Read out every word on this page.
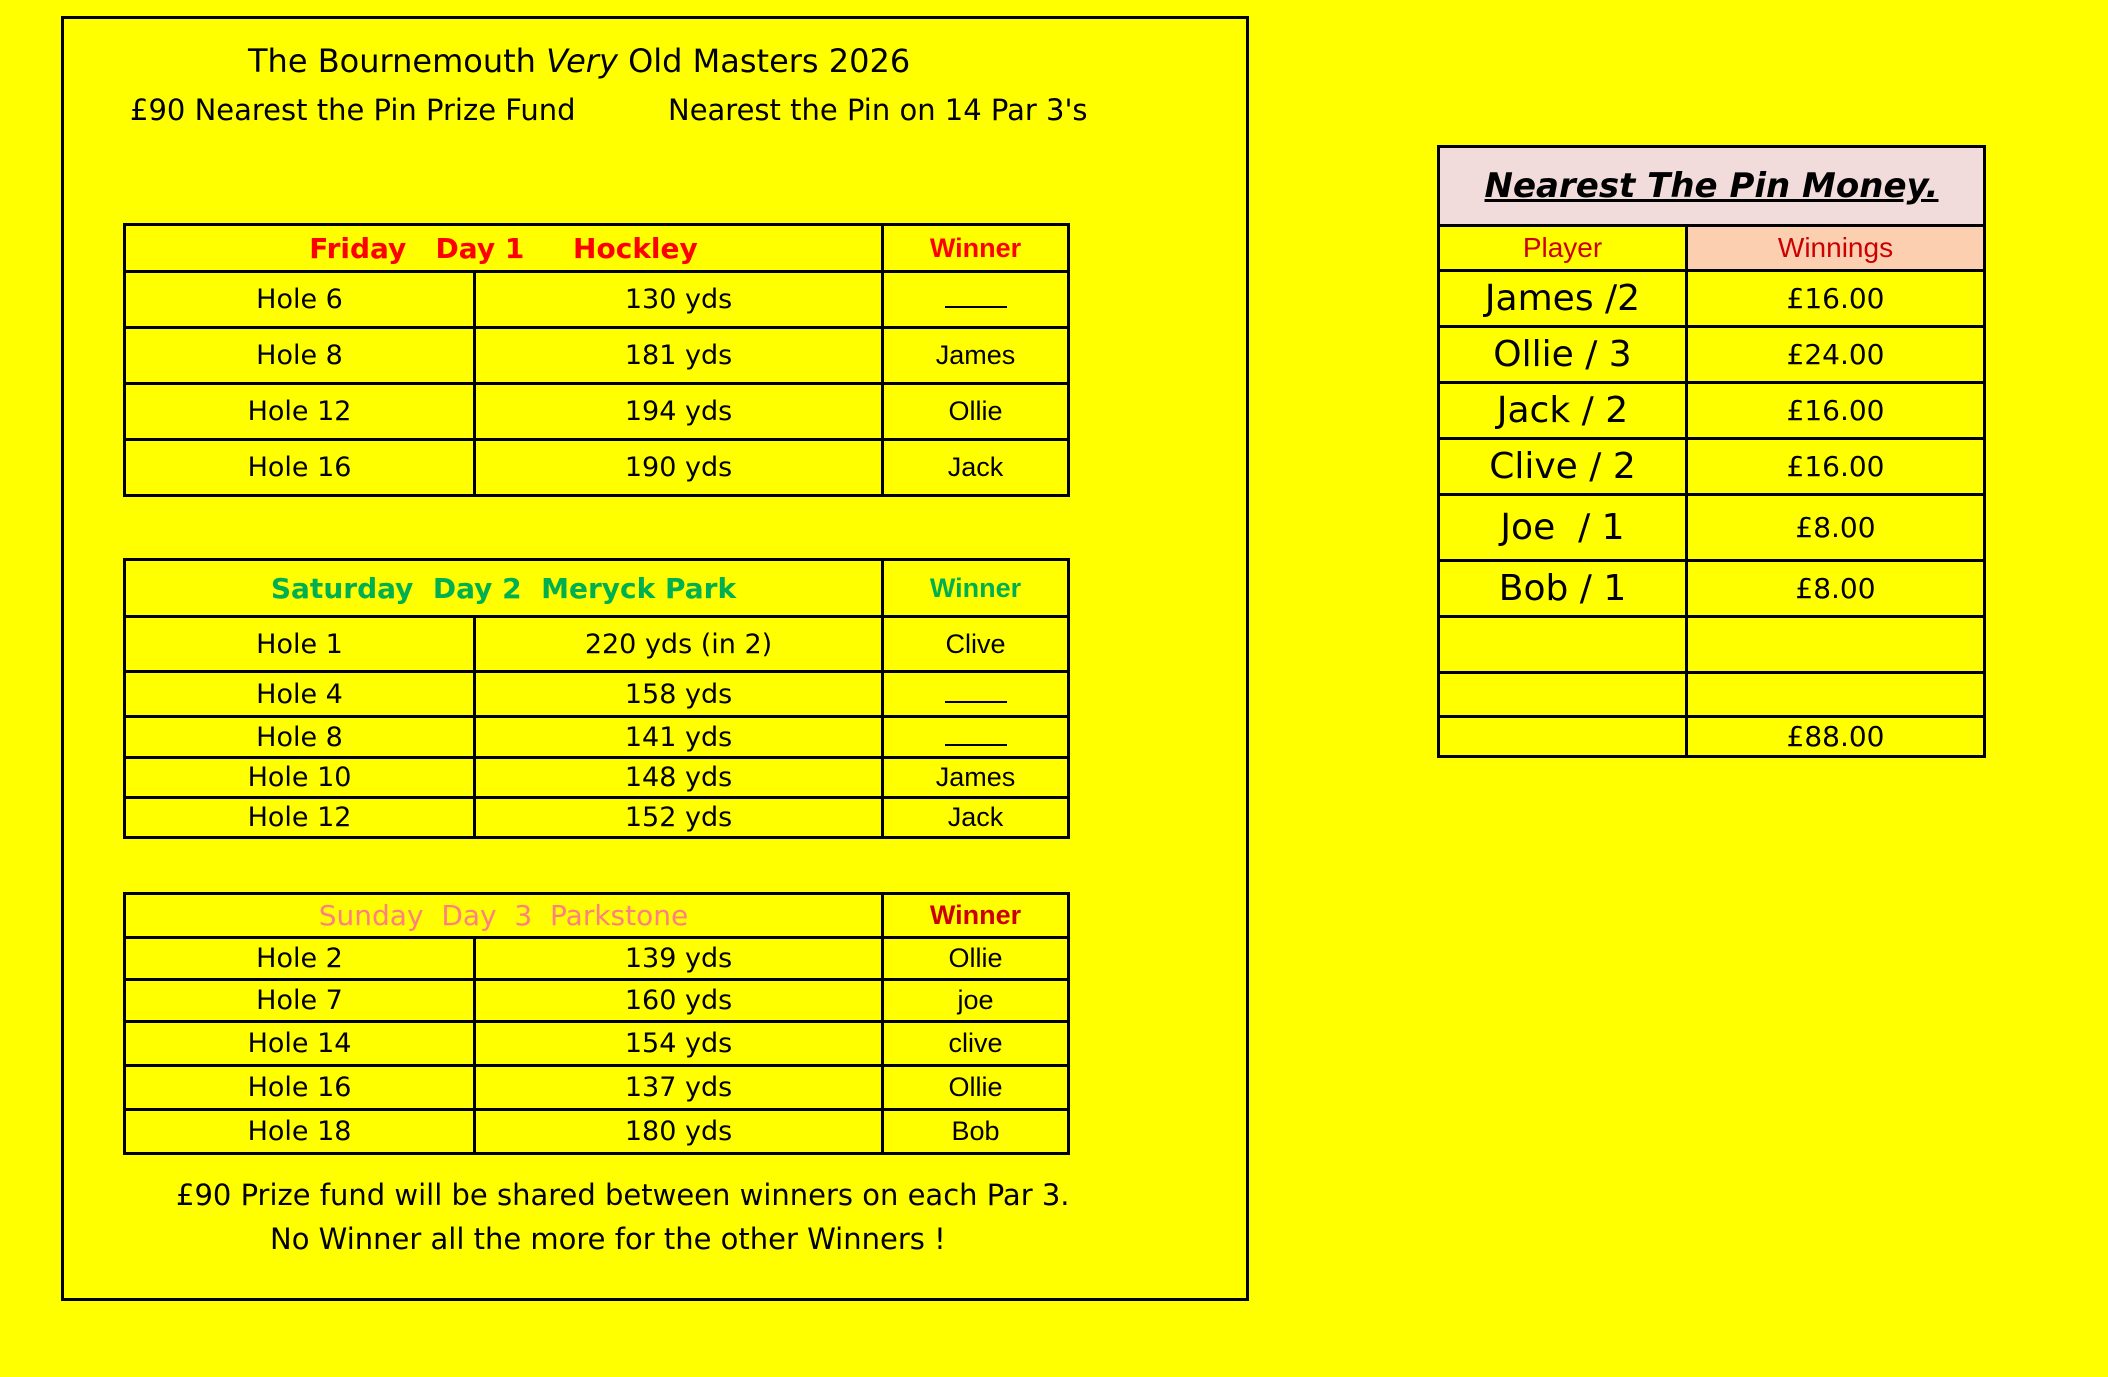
The Bournemouth Very Old Masters 2026
£90 Nearest the Pin Prize Fund	Nearest the Pin on 14 Par 3's
Friday   Day 1     Hockley		Winner
Hole 6	130 yds	
Hole 8	181 yds	James
Hole 12	194 yds	Ollie
Hole 16	190 yds	Jack
Saturday  Day 2  Meryck Park		Winner
Hole 1	220 yds (in 2)	Clive
Hole 4	158 yds	
Hole 8	141 yds	
Hole 10	148 yds	James
Hole 12	152 yds	Jack
Sunday  Day  3  Parkstone		Winner
Hole 2	139 yds	Ollie
Hole 7	160 yds	joe
Hole 14	154 yds	clive
Hole 16	137 yds	Ollie
Hole 18	180 yds	Bob
£90 Prize fund will be shared between winners on each Par 3.
No Winner all the more for the other Winners !
Nearest The Pin Money.	
Player	Winnings
James /2	£16.00
Ollie / 3	£24.00
Jack / 2	£16.00
Clive / 2	£16.00
Joe  / 1	£8.00
Bob / 1	£8.00

	£88.00
